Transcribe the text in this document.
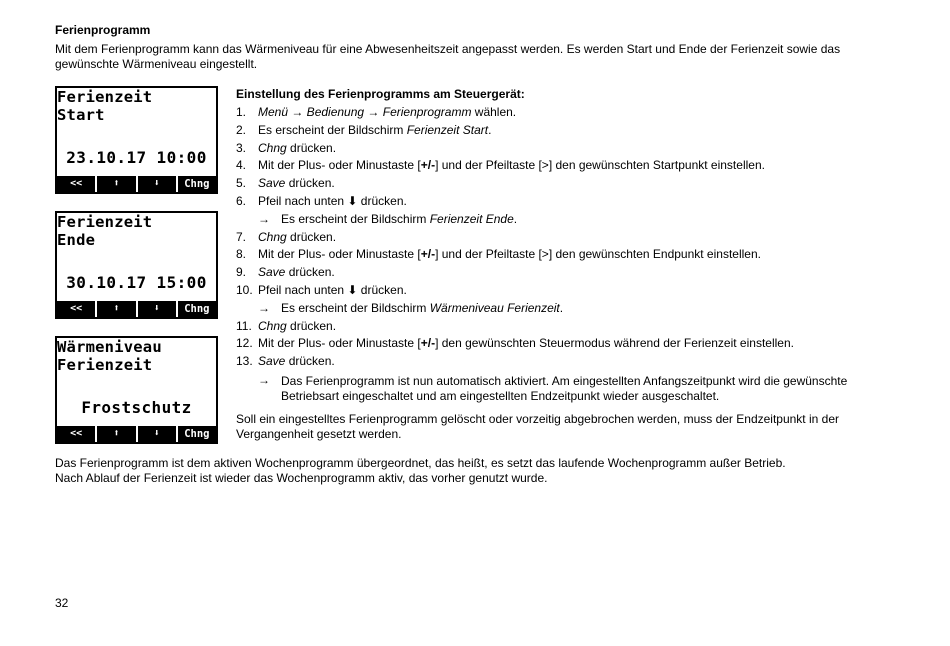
Ferienprogramm
Mit dem Ferienprogramm kann das Wärmeniveau für eine Abwesenheitszeit angepasst werden. Es werden Start und Ende der Ferienzeit sowie das gewünschte Wärmeniveau eingestellt.
Ferienzeit
Start
23.10.17 10:00
<<	⬆	⬇	Chng
Ferienzeit
Ende
30.10.17 15:00
<<	⬆	⬇	Chng
Wärmeniveau
Ferienzeit
Frostschutz
<<	⬆	⬇	Chng
Einstellung des Ferienprogramms am Steuergerät:
1. Menü → Bedienung → Ferienprogramm wählen.
2. Es erscheint der Bildschirm Ferienzeit Start.
3. Chng drücken.
4. Mit der Plus- oder Minustaste [+/-] und der Pfeiltaste [>] den gewünschten Startpunkt einstellen.
5. Save drücken.
6. Pfeil nach unten ⬇ drücken.
→ Es erscheint der Bildschirm Ferienzeit Ende.
7. Chng drücken.
8. Mit der Plus- oder Minustaste [+/-] und der Pfeiltaste [>] den gewünschten Endpunkt einstellen.
9. Save drücken.
10. Pfeil nach unten ⬇ drücken.
→ Es erscheint der Bildschirm Wärmeniveau Ferienzeit.
11. Chng drücken.
12. Mit der Plus- oder Minustaste [+/-] den gewünschten Steuermodus während der Ferienzeit einstellen.
13. Save drücken.
→ Das Ferienprogramm ist nun automatisch aktiviert. Am eingestellten Anfangszeitpunkt wird die gewünschte Betriebsart eingeschaltet und am eingestellten Endzeitpunkt wieder ausgeschaltet.
Soll ein eingestelltes Ferienprogramm gelöscht oder vorzeitig abgebrochen werden, muss der Endzeitpunkt in der Vergangenheit gesetzt werden.
Das Ferienprogramm ist dem aktiven Wochenprogramm übergeordnet, das heißt, es setzt das laufende Wochenprogramm außer Betrieb.
Nach Ablauf der Ferienzeit ist wieder das Wochenprogramm aktiv, das vorher genutzt wurde.
32
